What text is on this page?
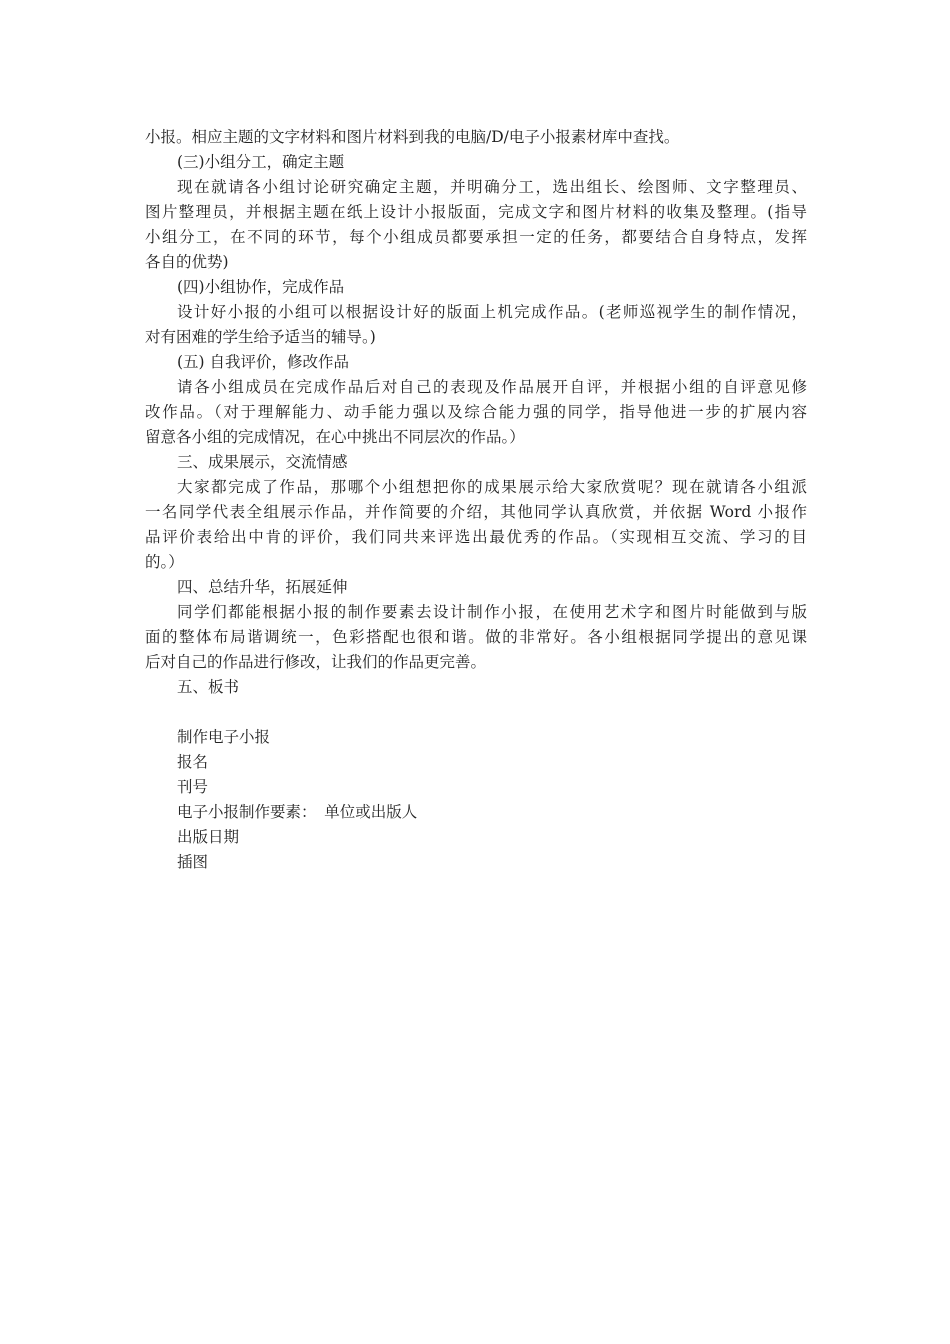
小报。相应主题的文字材料和图片材料到我的电脑/D/电子小报素材库中查找。
(三)小组分工，确定主题
现在就请各小组讨论研究确定主题，并明确分工，选出组长、绘图师、文字整理员、
图片整理员，并根据主题在纸上设计小报版面，完成文字和图片材料的收集及整理。(指导
小组分工，在不同的环节，每个小组成员都要承担一定的任务，都要结合自身特点，发挥
各自的优势)
(四)小组协作，完成作品
设计好小报的小组可以根据设计好的版面上机完成作品。(老师巡视学生的制作情况，
对有困难的学生给予适当的辅导。)
(五) 自我评价，修改作品
请各小组成员在完成作品后对自己的表现及作品展开自评，并根据小组的自评意见修
改作品。（对于理解能力、动手能力强以及综合能力强的同学，指导他进一步的扩展内容
留意各小组的完成情况，在心中挑出不同层次的作品。）
三、成果展示，交流情感
大家都完成了作品，那哪个小组想把你的成果展示给大家欣赏呢？现在就请各小组派
一名同学代表全组展示作品，并作简要的介绍，其他同学认真欣赏，并依据 Word 小报作
品评价表给出中肯的评价，我们同共来评选出最优秀的作品。（实现相互交流、学习的目
的。）
四、总结升华，拓展延伸
同学们都能根据小报的制作要素去设计制作小报，在使用艺术字和图片时能做到与版
面的整体布局谐调统一，色彩搭配也很和谐。做的非常好。各小组根据同学提出的意见课
后对自己的作品进行修改，让我们的作品更完善。
五、板书
制作电子小报
报名
刊号
电子小报制作要素：　单位或出版人
出版日期
插图
